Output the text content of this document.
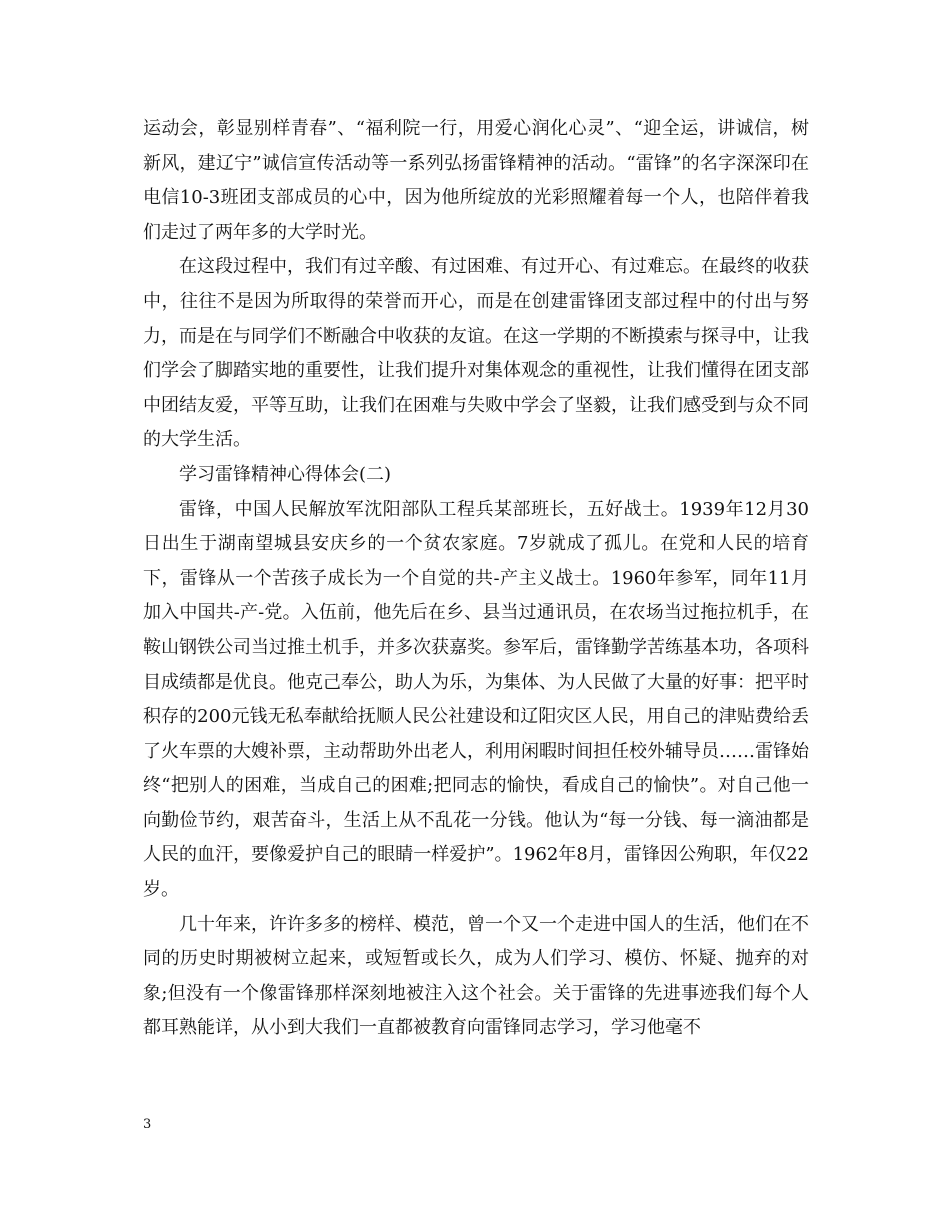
运动会，彰显别样青春”、“福利院一行，用爱心润化心灵”、“迎全运，讲诚信，树新风，建辽宁”诚信宣传活动等一系列弘扬雷锋精神的活动。“雷锋”的名字深深印在电信10-3班团支部成员的心中，因为他所绽放的光彩照耀着每一个人，也陪伴着我们走过了两年多的大学时光。

在这段过程中，我们有过辛酸、有过困难、有过开心、有过难忘。在最终的收获中，往往不是因为所取得的荣誉而开心，而是在创建雷锋团支部过程中的付出与努力，而是在与同学们不断融合中收获的友谊。在这一学期的不断摸索与探寻中，让我们学会了脚踏实地的重要性，让我们提升对集体观念的重视性，让我们懂得在团支部中团结友爱，平等互助，让我们在困难与失败中学会了坚毅，让我们感受到与众不同的大学生活。

学习雷锋精神心得体会(二)

雷锋，中国人民解放军沈阳部队工程兵某部班长，五好战士。1939年12月30日出生于湖南望城县安庆乡的一个贫农家庭。7岁就成了孤儿。在党和人民的培育下，雷锋从一个苦孩子成长为一个自觉的共-产主义战士。1960年参军，同年11月加入中国共-产-党。入伍前，他先后在乡、县当过通讯员，在农场当过拖拉机手，在鞍山钢铁公司当过推土机手，并多次获嘉奖。参军后，雷锋勤学苦练基本功，各项科目成绩都是优良。他克己奉公，助人为乐，为集体、为人民做了大量的好事：把平时积存的200元钱无私奉献给抚顺人民公社建设和辽阳灾区人民，用自己的津贴费给丢了火车票的大嫂补票，主动帮助外出老人，利用闲暇时间担任校外辅导员……雷锋始终“把别人的困难，当成自己的困难;把同志的愉快，看成自己的愉快”。对自己他一向勤俭节约，艰苦奋斗，生活上从不乱花一分钱。他认为“每一分钱、每一滴油都是人民的血汗，要像爱护自己的眼睛一样爱护”。1962年8月，雷锋因公殉职，年仅22岁。

几十年来，许许多多的榜样、模范，曾一个又一个走进中国人的生活，他们在不同的历史时期被树立起来，或短暂或长久，成为人们学习、模仿、怀疑、抛弃的对象;但没有一个像雷锋那样深刻地被注入这个社会。关于雷锋的先进事迹我们每个人都耳熟能详，从小到大我们一直都被教育向雷锋同志学习，学习他毫不

3
